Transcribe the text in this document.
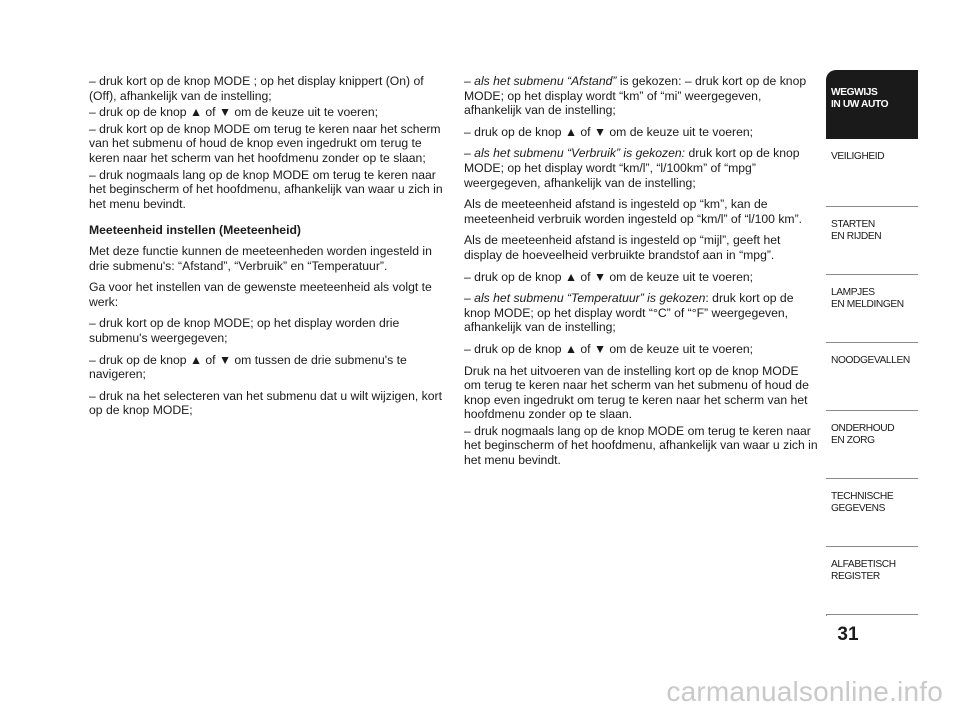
– druk kort op de knop MODE ; op het display knippert (On) of (Off), afhankelijk van de instelling;

– druk op de knop ▲ of ▼ om de keuze uit te voeren;

– druk kort op de knop MODE om terug te keren naar het scherm van het submenu of houd de knop even ingedrukt om terug te keren naar het scherm van het hoofdmenu zonder op te slaan;

– druk nogmaals lang op de knop MODE om terug te keren naar het beginscherm of het hoofdmenu, afhankelijk van waar u zich in het menu bevindt.

Meeteenheid instellen (Meeteenheid)

Met deze functie kunnen de meeteenheden worden ingesteld in drie submenu's: “Afstand”, “Verbruik” en “Temperatuur”.

Ga voor het instellen van de gewenste meeteenheid als volgt te werk:

– druk kort op de knop MODE; op het display worden drie submenu's weergegeven;

– druk op de knop ▲ of ▼ om tussen de drie submenu's te navigeren;

– druk na het selecteren van het submenu dat u wilt wijzigen, kort op de knop MODE;

– als het submenu “Afstand” is gekozen: – druk kort op de knop MODE; op het display wordt “km” of “mi” weergegeven, afhankelijk van de instelling;

– druk op de knop ▲ of ▼ om de keuze uit te voeren;

– als het submenu “Verbruik” is gekozen: druk kort op de knop MODE; op het display wordt “km/l”, “l/100km” of “mpg” weergegeven, afhankelijk van de instelling;

Als de meeteenheid afstand is ingesteld op “km”, kan de meeteenheid verbruik worden ingesteld op “km/l” of “l/100 km”.

Als de meeteenheid afstand is ingesteld op “mijl”, geeft het display de hoeveelheid verbruikte brandstof aan in “mpg”.

– druk op de knop ▲ of ▼ om de keuze uit te voeren;

– als het submenu “Temperatuur” is gekozen: druk kort op de knop MODE; op het display wordt “°C” of “°F” weergegeven, afhankelijk van de instelling;

– druk op de knop ▲ of ▼ om de keuze uit te voeren;

Druk na het uitvoeren van de instelling kort op de knop MODE om terug te keren naar het scherm van het submenu of houd de knop even ingedrukt om terug te keren naar het scherm van het hoofdmenu zonder op te slaan.

– druk nogmaals lang op de knop MODE om terug te keren naar het beginscherm of het hoofdmenu, afhankelijk van waar u zich in het menu bevindt.

WEGWIJS
IN UW AUTO
VEILIGHEID
STARTEN
EN RIJDEN
LAMPJES
EN MELDINGEN
NOODGEVALLEN
ONDERHOUD
EN ZORG
TECHNISCHE
GEGEVENS
ALFABETISCH
REGISTER
31
carmanualsonline.info
